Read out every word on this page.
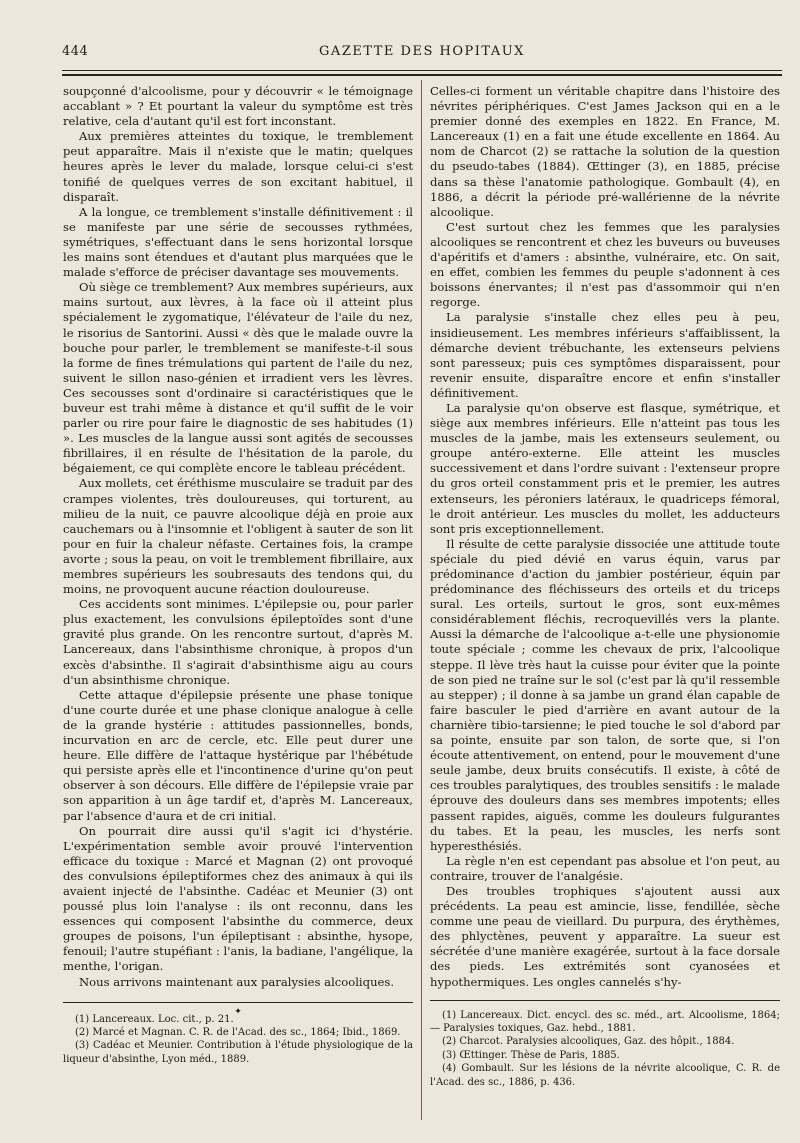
444	GAZETTE DES HOPITAUX

soupçonné d'alcoolisme, pour y découvrir « le témoignage accablant » ? Et pourtant la valeur du symptôme est très relative, cela d'autant qu'il est fort inconstant.

Aux premières atteintes du toxique, le tremblement peut apparaître. Mais il n'existe que le matin; quelques heures après le lever du malade, lorsque celui-ci s'est tonifié de quelques verres de son excitant habituel, il disparaît.

A la longue, ce tremblement s'installe définitivement : il se manifeste par une série de secousses rythmées, symétriques, s'effectuant dans le sens horizontal lorsque les mains sont étendues et d'autant plus marquées que le malade s'efforce de préciser davantage ses mouvements.

Où siège ce tremblement? Aux membres supérieurs, aux mains surtout, aux lèvres, à la face où il atteint plus spécialement le zygomatique, l'élévateur de l'aile du nez, le risorius de Santorini. Aussi « dès que le malade ouvre la bouche pour parler, le tremblement se manifeste-t-il sous la forme de fines trémulations qui partent de l'aile du nez, suivent le sillon naso-génien et irradient vers les lèvres. Ces secousses sont d'ordinaire si caractéristiques que le buveur est trahi même à distance et qu'il suffit de le voir parler ou rire pour faire le diagnostic de ses habitudes (1) ». Les muscles de la langue aussi sont agités de secousses fibrillaires, il en résulte de l'hésitation de la parole, du bégaiement, ce qui complète encore le tableau précédent.

Aux mollets, cet éréthisme musculaire se traduit par des crampes violentes, très douloureuses, qui torturent, au milieu de la nuit, ce pauvre alcoolique déjà en proie aux cauchemars ou à l'insomnie et l'obligent à sauter de son lit pour en fuir la chaleur néfaste. Certaines fois, la crampe avorte ; sous la peau, on voit le tremblement fibrillaire, aux membres supérieurs les soubresauts des tendons qui, du moins, ne provoquent aucune réaction douloureuse.

Ces accidents sont minimes. L'épilepsie ou, pour parler plus exactement, les convulsions épileptoïdes sont d'une gravité plus grande. On les rencontre surtout, d'après M. Lancereaux, dans l'absinthisme chronique, à propos d'un excès d'absinthe. Il s'agirait d'absinthisme aigu au cours d'un absinthisme chronique.

Cette attaque d'épilepsie présente une phase tonique d'une courte durée et une phase clonique analogue à celle de la grande hystérie : attitudes passionnelles, bonds, incurvation en arc de cercle, etc. Elle peut durer une heure. Elle diffère de l'attaque hystérique par l'hébétude qui persiste après elle et l'incontinence d'urine qu'on peut observer à son décours. Elle diffère de l'épilepsie vraie par son apparition à un âge tardif et, d'après M. Lancereaux, par l'absence d'aura et de cri initial.

On pourrait dire aussi qu'il s'agit ici d'hystérie. L'expérimentation semble avoir prouvé l'intervention efficace du toxique : Marcé et Magnan (2) ont provoqué des convulsions épileptiformes chez des animaux à qui ils avaient injecté de l'absinthe. Cadéac et Meunier (3) ont poussé plus loin l'analyse : ils ont reconnu, dans les essences qui composent l'absinthe du commerce, deux groupes de poisons, l'un épileptisant : absinthe, hysope, fenouil; l'autre stupéfiant : l'anis, la badiane, l'angélique, la menthe, l'origan.

Nous arrivons maintenant aux paralysies alcooliques.

✦

(1) Lancereaux. Loc. cit., p. 21.

(2) Marcé et Magnan. C. R. de l'Acad. des sc., 1864; Ibid., 1869.

(3) Cadéac et Meunier. Contribution à l'étude physiologique de la liqueur d'absinthe, Lyon méd., 1889.

Celles-ci forment un véritable chapitre dans l'histoire des névrites périphériques. C'est James Jackson qui en a le premier donné des exemples en 1822. En France, M. Lancereaux (1) en a fait une étude excellente en 1864. Au nom de Charcot (2) se rattache la solution de la question du pseudo-tabes (1884). Œttinger (3), en 1885, précise dans sa thèse l'anatomie pathologique. Gombault (4), en 1886, a décrit la période pré-wallérienne de la névrite alcoolique.

C'est surtout chez les femmes que les paralysies alcooliques se rencontrent et chez les buveurs ou buveuses d'apéritifs et d'amers : absinthe, vulnéraire, etc. On sait, en effet, combien les femmes du peuple s'adonnent à ces boissons énervantes; il n'est pas d'assommoir qui n'en regorge.

La paralysie s'installe chez elles peu à peu, insidieusement. Les membres inférieurs s'affaiblissent, la démarche devient trébuchante, les extenseurs pelviens sont paresseux; puis ces symptômes disparaissent, pour revenir ensuite, disparaître encore et enfin s'installer définitivement.

La paralysie qu'on observe est flasque, symétrique, et siège aux membres inférieurs. Elle n'atteint pas tous les muscles de la jambe, mais les extenseurs seulement, ou groupe antéro-externe. Elle atteint les muscles successivement et dans l'ordre suivant : l'extenseur propre du gros orteil constamment pris et le premier, les autres extenseurs, les péroniers latéraux, le quadriceps fémoral, le droit antérieur. Les muscles du mollet, les adducteurs sont pris exceptionnellement.

Il résulte de cette paralysie dissociée une attitude toute spéciale du pied dévié en varus équin, varus par prédominance d'action du jambier postérieur, équin par prédominance des fléchisseurs des orteils et du triceps sural. Les orteils, surtout le gros, sont eux-mêmes considérablement fléchis, recroquevillés vers la plante. Aussi la démarche de l'alcoolique a-t-elle une physionomie toute spéciale ; comme les chevaux de prix, l'alcoolique steppe. Il lève très haut la cuisse pour éviter que la pointe de son pied ne traîne sur le sol (c'est par là qu'il ressemble au stepper) ; il donne à sa jambe un grand élan capable de faire basculer le pied d'arrière en avant autour de la charnière tibio-tarsienne; le pied touche le sol d'abord par sa pointe, ensuite par son talon, de sorte que, si l'on écoute attentivement, on entend, pour le mouvement d'une seule jambe, deux bruits consécutifs. Il existe, à côté de ces troubles paralytiques, des troubles sensitifs : le malade éprouve des douleurs dans ses membres impotents; elles passent rapides, aiguës, comme les douleurs fulgurantes du tabes. Et la peau, les muscles, les nerfs sont hyperesthésiés.

La règle n'en est cependant pas absolue et l'on peut, au contraire, trouver de l'analgésie.

Des troubles trophiques s'ajoutent aussi aux précédents. La peau est amincie, lisse, fendillée, sèche comme une peau de vieillard. Du purpura, des érythèmes, des phlyctènes, peuvent y apparaître. La sueur est sécrétée d'une manière exagérée, surtout à la face dorsale des pieds. Les extrémités sont cyanosées et hypothermiques. Les ongles cannelés s'hy-

(1) Lancereaux. Dict. encycl. des sc. méd., art. Alcoolisme, 1864; — Paralysies toxiques, Gaz. hebd., 1881.

(2) Charcot. Paralysies alcooliques, Gaz. des hôpit., 1884.

(3) Œttinger. Thèse de Paris, 1885.

(4) Gombault. Sur les lésions de la névrite alcoolique, C. R. de l'Acad. des sc., 1886, p. 436.
